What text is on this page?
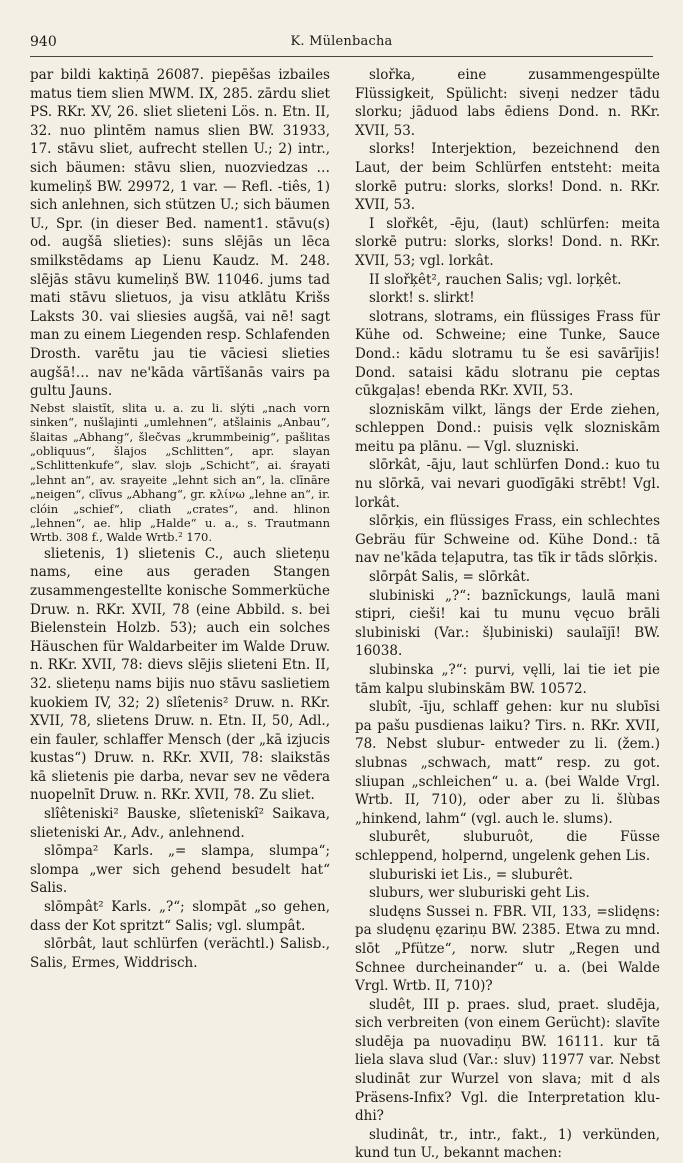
940	K. Mülenbacha

par bildi kaktiņā 26087. piepēšas izbailes matus tiem slien MWM. IX, 285. zārdu sliet PS. RKr. XV, 26. sliet slieteni Lös. n. Etn. II, 32. nuo plintēm namus slien BW. 31933, 17. stāvu sliet, aufrecht stellen U.; 2) intr., sich bäumen: stāvu slien, nuozviedzas … kumeliņš BW. 29972, 1 var. — Refl. -tiês, 1) sich anlehnen, sich stützen U.; sich bäumen U., Spr. (in dieser Bed. nament1. stāvu(s) od. augšā slieties): suns slējās un lēca smilkstēdams ap Lienu Kaudz. M. 248. slējās stāvu kumeliņš BW. 11046. jums tad mati stāvu slietuos, ja visu atklātu Krišs Laksts 30. vai sliesies augšā, vai nē! sagt man zu einem Liegenden resp. Schlafenden Drosth. varētu jau tie vāciesi slieties augšā!… nav ne'kāda vārtīšanās vairs pa gultu Jauns.

Nebst slaistīt, slita u. a. zu li. slýti „nach vorn sinken“, nušlajinti „umlehnen“, atšlainis „Anbau“, šlaitas „Abhang“, šlečvas „krummbeinig“, pašlitas „obliquus“, šlajos „Schlitten“, apr. slayan „Schlittenkufe“, slav. slojь „Schicht“, ai. śrayati „lehnt an“, av. srayeite „lehnt sich an“, la. clīnāre „neigen“, clīvus „Abhang“, gr. κλίνω „lehne an“, ir. clóin „schief“, cliath „crates“, and. hlinon „lehnen“, ae. hlip „Halde“ u. a., s. Trautmann Wrtb. 308 f., Walde Wrtb.² 170.

slietenis, 1) slietenis C., auch slieteņu nams, eine aus geraden Stangen zusammengestellte konische Sommerküche Druw. n. RKr. XVII, 78 (eine Abbild. s. bei Bielenstein Holzb. 53); auch ein solches Häuschen für Waldarbeiter im Walde Druw. n. RKr. XVII, 78: dievs slējis slieteni Etn. II, 32. slieteņu nams bijis nuo stāvu saslietiem kuokiem IV, 32; 2) slîetenis² Druw. n. RKr. XVII, 78, slietens Druw. n. Etn. II, 50, Adl., ein fauler, schlaffer Mensch (der „kā izjucis kustas“) Druw. n. RKr. XVII, 78: slaikstās kā slietenis pie darba, nevar sev ne vēdera nuopelnīt Druw. n. RKr. XVII, 78. Zu sliet.

slîêteniski² Bauske, slîeteniskî² Saikava, slieteniski Ar., Adv., anlehnend.

slōmpa² Karls. „= slampa, slumpa“; slompa „wer sich gehend besudelt hat“ Salis.

slōmpât² Karls. „?“; slompāt „so gehen, dass der Kot spritzt“ Salis; vgl. slumpât.

slōrbât, laut schlürfen (verächtl.) Salisb., Salis, Ermes, Widdrisch.

slořka, eine zusammengespülte Flüssigkeit, Spülicht: siveņi nedzer tādu slorku; jāduod labs ēdiens Dond. n. RKr. XVII, 53.

slorks! Interjektion, bezeichnend den Laut, der beim Schlürfen entsteht: meita slorkē putru: slorks, slorks! Dond. n. RKr. XVII, 53.

I slořkêt, -ēju, (laut) schlürfen: meita slorkē putru: slorks, slorks! Dond. n. RKr. XVII, 53; vgl. lorkât.

II slořķêt², rauchen Salis; vgl. loŗķêt.

slorkt! s. slirkt!

slotrans, slotrams, ein flüssiges Frass für Kühe od. Schweine; eine Tunke, Sauce Dond.: kādu slotramu tu še esi savārījis! Dond. sataisi kādu slotranu pie ceptas cūkgaļas! ebenda RKr. XVII, 53.

slozniskām vilkt, längs der Erde ziehen, schleppen Dond.: puisis vęlk slozniskām meitu pa plānu. — Vgl. sluzniski.

slōrkât, -āju, laut schlürfen Dond.: kuo tu nu slōrkā, vai nevari guodīgāki strēbt! Vgl. lorkât.

slōrķis, ein flüssiges Frass, ein schlechtes Gebräu für Schweine od. Kühe Dond.: tā nav ne'kāda teļaputra, tas tīk ir tāds slōrķis.

slōrpât Salis, = slōrkât.

slubiniski „?“: baznīckungs, laulā mani stipri, cieši! kai tu munu vęcuo brāli slubiniski (Var.: šļubiniski) saulaījī! BW. 16038.

slubinska „?“: purvi, vęlli, lai tie iet pie tām kalpu slubinskām BW. 10572.

slubît, -īju, schlaff gehen: kur nu slubīsi pa pašu pusdienas laiku? Tirs. n. RKr. XVII, 78. Nebst slubur- entweder zu li. (žem.) slubnas „schwach, matt“ resp. zu got. sliupan „schleichen“ u. a. (bei Walde Vrgl. Wrtb. II, 710), oder aber zu li. šlùbas „hinkend, lahm“ (vgl. auch le. slums).

sluburêt, sluburuôt, die Füsse schleppend, holpernd, ungelenk gehen Lis.

sluburiski iet Lis., = sluburêt.

sluburs, wer sluburiski geht Lis.

sludęns Sussei n. FBR. VII, 133, =slidęns: pa sludęnu ęzariņu BW. 2385. Etwa zu mnd. slōt „Pfütze“, norw. slutr „Regen und Schnee durcheinander“ u. a. (bei Walde Vrgl. Wrtb. II, 710)?

sludêt, III p. praes. slud, praet. sludēja, sich verbreiten (von einem Gerücht): slavīte sludēja pa nuovadiņu BW. 16111. kur tā liela slava slud (Var.: sluv) 11977 var. Nebst sludināt zur Wurzel von slava; mit d als Präsens-Infix? Vgl. die Interpretation klu-dhi?

sludinât, tr., intr., fakt., 1) verkünden, kund tun U., bekannt machen:
